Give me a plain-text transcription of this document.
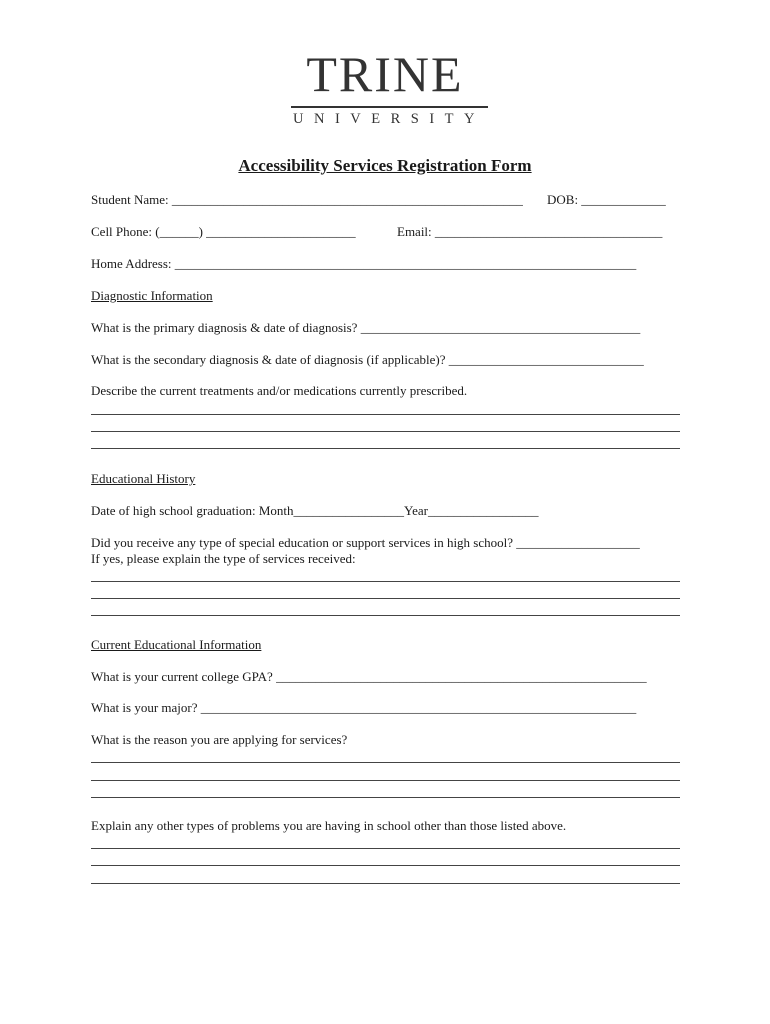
TRINE
UNIVERSITY
Accessibility Services Registration Form
Student Name: ______________________________________________________ DOB: _____________
Cell Phone: (______) _______________________	Email: ___________________________________
Home Address: _______________________________________________________________________
Diagnostic Information
What is the primary diagnosis & date of diagnosis? ___________________________________________
What is the secondary diagnosis & date of diagnosis (if applicable)? ______________________________
Describe the current treatments and/or medications currently prescribed.
Educational History
Date of high school graduation: Month_________________Year_________________
Did you receive any type of special education or support services in high school? ___________________
If yes, please explain the type of services received:
Current Educational Information
What is your current college GPA? _________________________________________________________
What is your major? ___________________________________________________________________
What is the reason you are applying for services?
Explain any other types of problems you are having in school other than those listed above.
